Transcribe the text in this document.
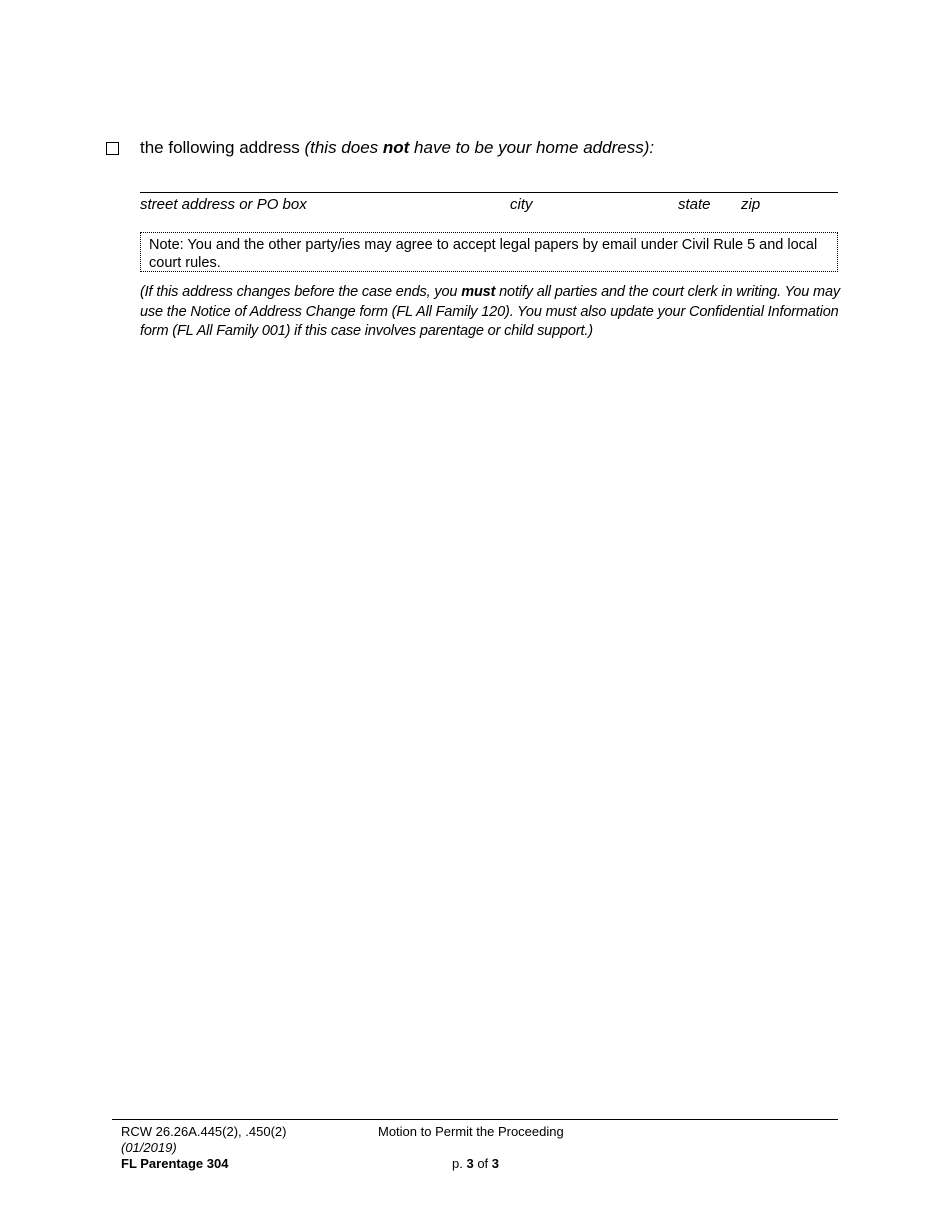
the following address (this does not have to be your home address):
street address or PO box	city	state zip
Note: You and the other party/ies may agree to accept legal papers by email under Civil Rule 5 and local court rules.
(If this address changes before the case ends, you must notify all parties and the court clerk in writing. You may use the Notice of Address Change form (FL All Family 120). You must also update your Confidential Information form (FL All Family 001) if this case involves parentage or child support.)
RCW 26.26A.445(2), .450(2)
(01/2019)
FL Parentage 304
Motion to Permit the Proceeding
p. 3 of 3
